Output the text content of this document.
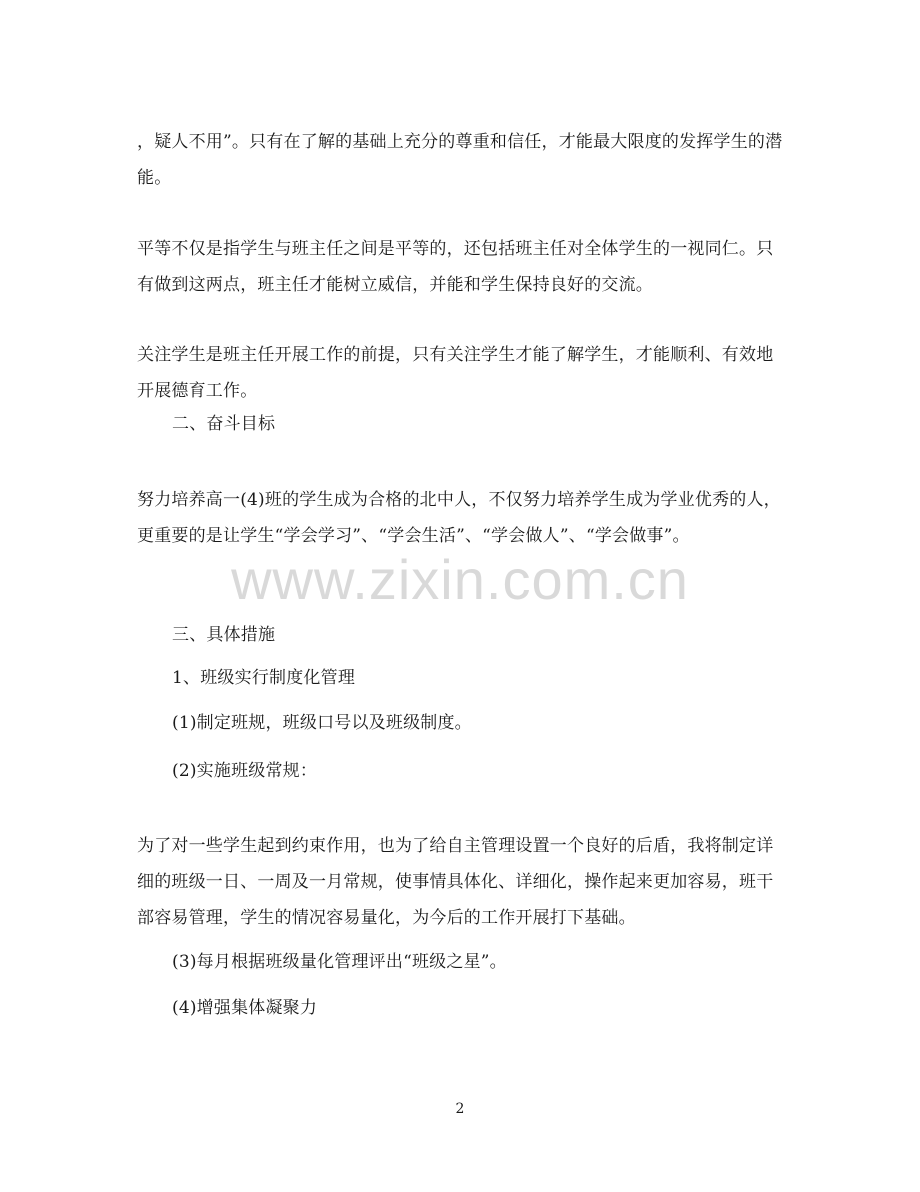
，疑人不用”。只有在了解的基础上充分的尊重和信任，才能最大限度的发挥学生的潜能。
平等不仅是指学生与班主任之间是平等的，还包括班主任对全体学生的一视同仁。只有做到这两点，班主任才能树立威信，并能和学生保持良好的交流。
关注学生是班主任开展工作的前提，只有关注学生才能了解学生，才能顺利、有效地开展德育工作。
二、奋斗目标
努力培养高一(4)班的学生成为合格的北中人，不仅努力培养学生成为学业优秀的人，更重要的是让学生“学会学习”、“学会生活”、“学会做人”、“学会做事”。
三、具体措施
1、班级实行制度化管理
(1)制定班规，班级口号以及班级制度。
(2)实施班级常规：
为了对一些学生起到约束作用，也为了给自主管理设置一个良好的后盾，我将制定详细的班级一日、一周及一月常规，使事情具体化、详细化，操作起来更加容易，班干部容易管理，学生的情况容易量化，为今后的工作开展打下基础。
(3)每月根据班级量化管理评出“班级之星”。
(4)增强集体凝聚力
www.zixin.com.cn
2
